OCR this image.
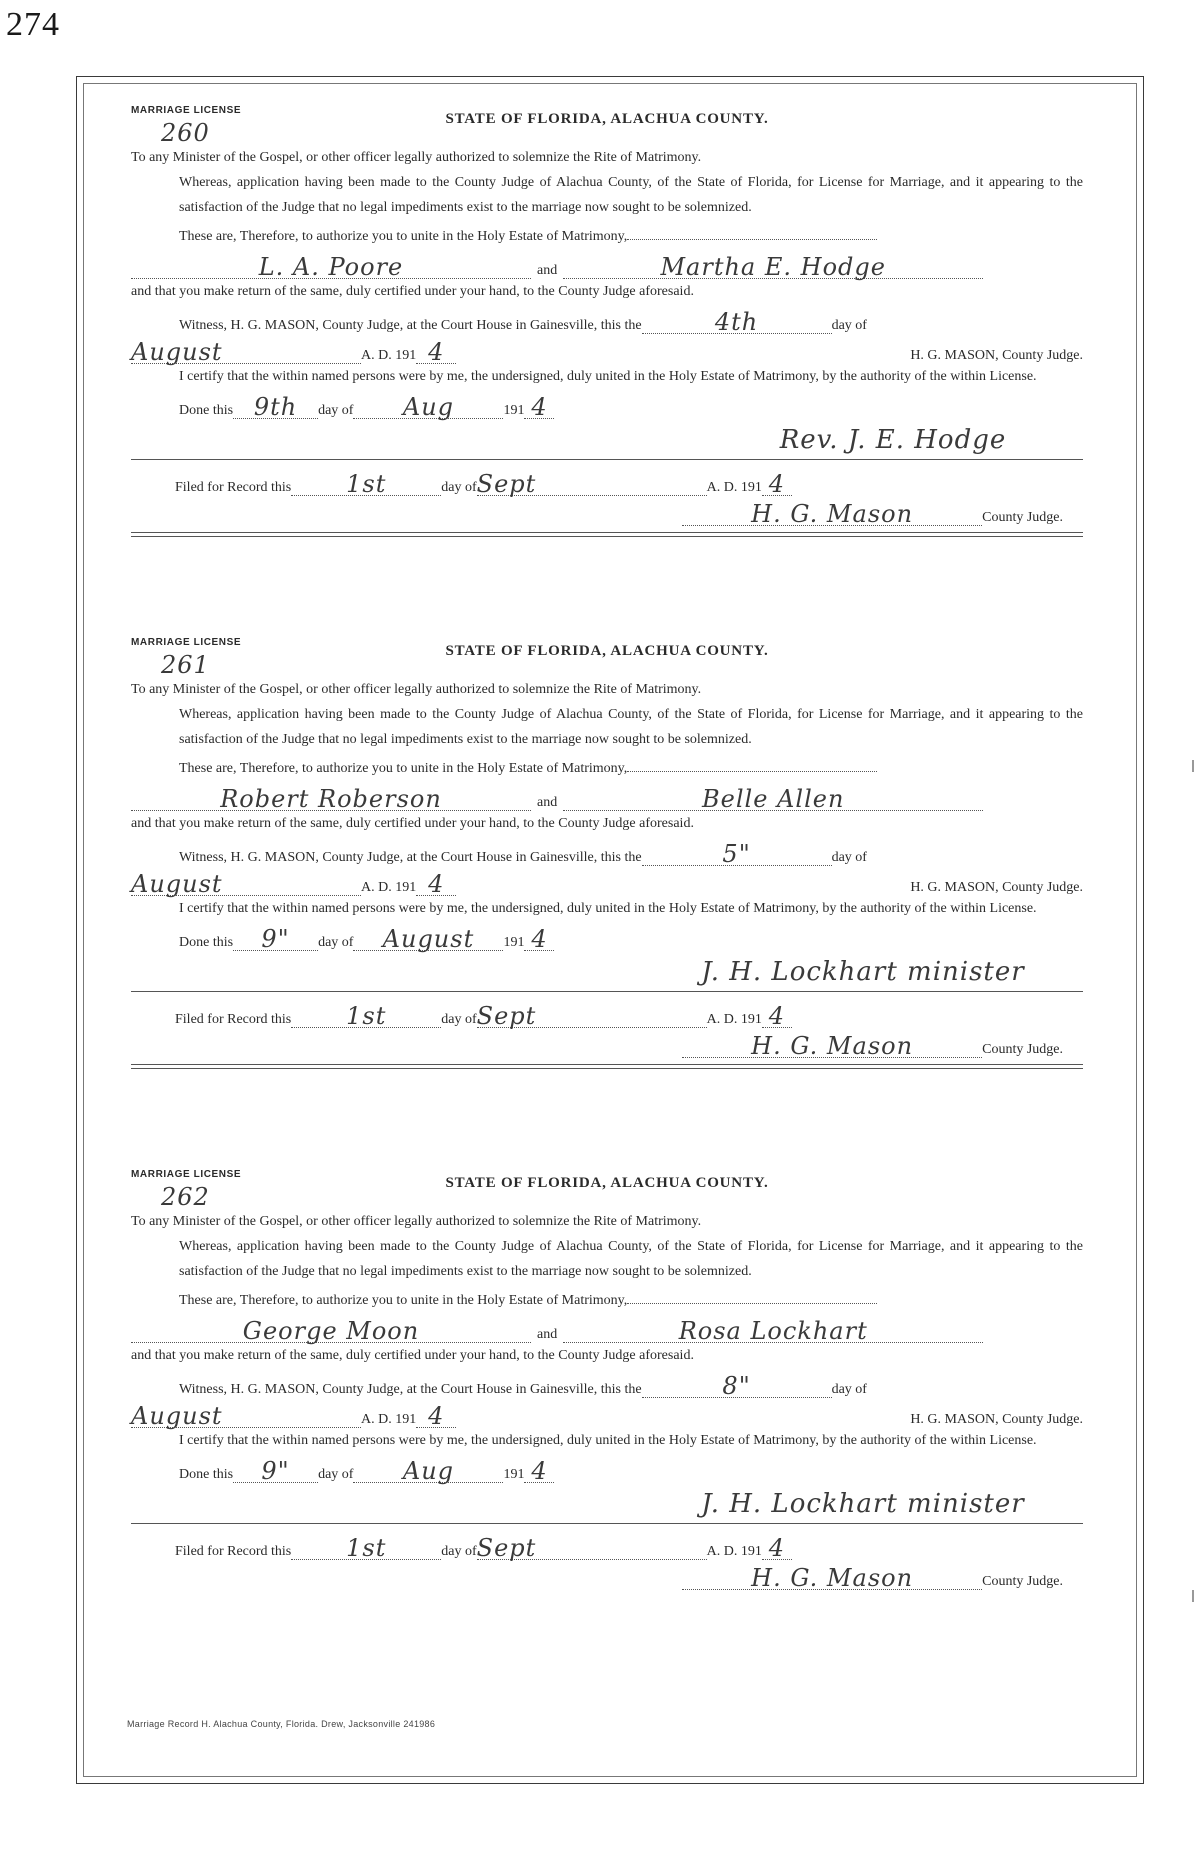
274
MARRIAGE LICENSE
260	STATE OF FLORIDA, ALACHUA COUNTY.
To any Minister of the Gospel, or other officer legally authorized to solemnize the Rite of Matrimony.
Whereas, application having been made to the County Judge of Alachua County, of the State of Florida, for License for Marriage, and it appearing to the satisfaction of the Judge that no legal impediments exist to the marriage now sought to be solemnized.
These are, Therefore, to authorize you to unite in the Holy Estate of Matrimony,
L. A. Poore	and	Martha E. Hodge
and that you make return of the same, duly certified under your hand, to the County Judge aforesaid.
Witness, H. G. MASON, County Judge, at the Court House in Gainesville, this the	4th	day of
August	A. D. 191 4	H. G. MASON, County Judge.
I certify that the within named persons were by me, the undersigned, duly united in the Holy Estate of Matrimony, by the authority of the within License.
Done this 9th	day of	Aug	191 4
Rev. J. E. Hodge
Filed for Record this	1st	day of Sept	A. D. 191 4
H. G. Mason	County Judge.
MARRIAGE LICENSE
261	STATE OF FLORIDA, ALACHUA COUNTY.
To any Minister of the Gospel, or other officer legally authorized to solemnize the Rite of Matrimony.
Whereas, application having been made to the County Judge of Alachua County, of the State of Florida, for License for Marriage, and it appearing to the satisfaction of the Judge that no legal impediments exist to the marriage now sought to be solemnized.
These are, Therefore, to authorize you to unite in the Holy Estate of Matrimony,
Robert Roberson	and	Belle Allen
and that you make return of the same, duly certified under your hand, to the County Judge aforesaid.
Witness, H. G. MASON, County Judge, at the Court House in Gainesville, this the	5"	day of
August	A. D. 191 4	H. G. MASON, County Judge.
I certify that the within named persons were by me, the undersigned, duly united in the Holy Estate of Matrimony, by the authority of the within License.
Done this	9"	day of	August	191 4
J. H. Lockhart minister
Filed for Record this	1st	day of Sept	A. D. 191 4
H. G. Mason	County Judge.
MARRIAGE LICENSE
262	STATE OF FLORIDA, ALACHUA COUNTY.
To any Minister of the Gospel, or other officer legally authorized to solemnize the Rite of Matrimony.
Whereas, application having been made to the County Judge of Alachua County, of the State of Florida, for License for Marriage, and it appearing to the satisfaction of the Judge that no legal impediments exist to the marriage now sought to be solemnized.
These are, Therefore, to authorize you to unite in the Holy Estate of Matrimony,
George Moon	and	Rosa Lockhart
and that you make return of the same, duly certified under your hand, to the County Judge aforesaid.
Witness, H. G. MASON, County Judge, at the Court House in Gainesville, this the	8"	day of
August	A. D. 191 4	H. G. MASON, County Judge.
I certify that the within named persons were by me, the undersigned, duly united in the Holy Estate of Matrimony, by the authority of the within License.
Done this	9"	day of	Aug	191 4
J. H. Lockhart minister
Filed for Record this	1st	day of Sept	A. D. 191 4
H. G. Mason	County Judge.
Marriage Record H. Alachua County, Florida. Drew, Jacksonville 241986
